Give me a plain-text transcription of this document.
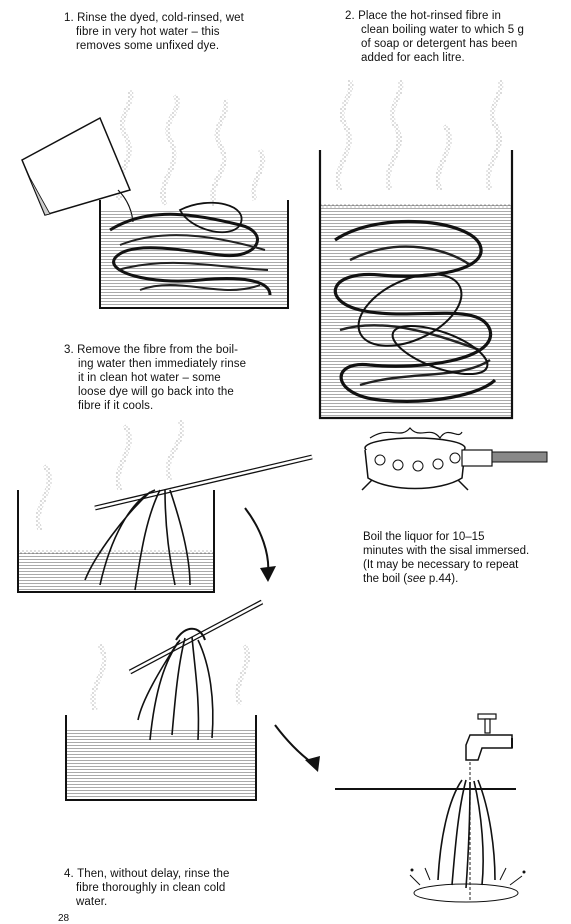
1. Rinse the dyed, cold-rinsed, wet
fibre in very hot water – this
removes some unfixed dye.
2. Place the hot-rinsed fibre in
clean boiling water to which 5 g
of soap or detergent has been
added for each litre.
3. Remove the fibre from the boil-
ing water then immediately rinse
it in clean hot water – some
loose dye will go back into the
fibre if it cools.
Boil the liquor for 10–15
minutes with the sisal immersed.
(It may be necessary to repeat
the boil (see p.44).
4. Then, without delay, rinse the
fibre thoroughly in clean cold
water.
28
